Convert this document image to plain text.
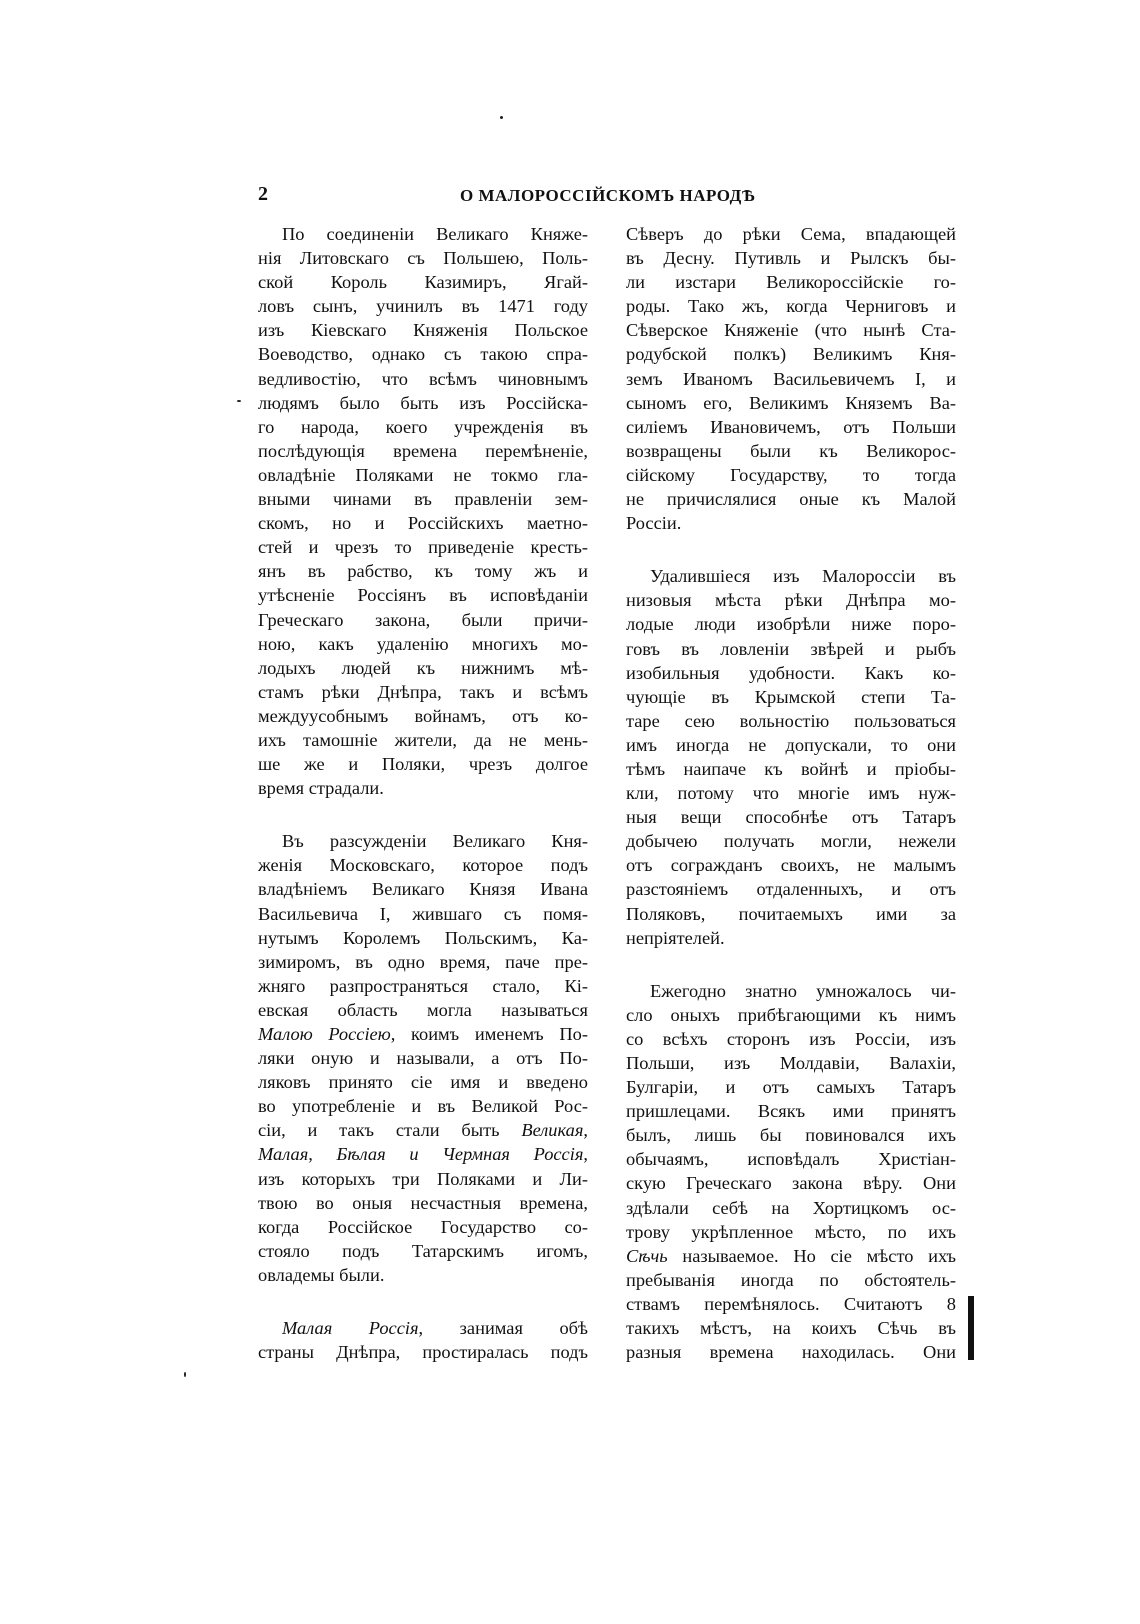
2	О МАЛОРОССІЙСКОМЪ НАРОДѢ
По соединеніи Великаго Княже-
нія Литовскаго съ Польшею, Поль-
ской Король Казимиръ, Ягай-
ловъ сынъ, учинилъ въ 1471 году
изъ Кіевскаго Княженія Польское
Воеводство, однако съ такою спра-
ведливостію, что всѣмъ чиновнымъ
людямъ было быть изъ Россійска-
го народа, коего учрежденія въ
послѣдующія времена перемѣненіе,
овладѣніе Поляками не токмо гла-
вными чинами въ правленіи зем-
скомъ, но и Россійскихъ маетно-
стей и чрезъ то приведеніе кресть-
янъ въ рабство, къ тому жъ и
утѣсненіе Россіянъ въ исповѣданіи
Греческаго закона, были причи-
ною, какъ удаленію многихъ мо-
лодыхъ людей къ нижнимъ мѣ-
стамъ рѣки Днѣпра, такъ и всѣмъ
междуусобнымъ войнамъ, отъ ко-
ихъ тамошніе жители, да не мень-
ше же и Поляки, чрезъ долгое
время страдали.
Въ разсужденіи Великаго Кня-
женія Московскаго, которое подъ
владѣніемъ Великаго Князя Ивана
Васильевича I, жившаго съ помя-
нутымъ Королемъ Польскимъ, Ка-
зимиромъ, въ одно время, паче пре-
жняго разпространяться стало, Кі-
евская область могла называться
Малою Россіею, коимъ именемъ По-
ляки оную и называли, а отъ По-
ляковъ принято сіе имя и введено
во употребленіе и въ Великой Рос-
сіи, и такъ стали быть Великая,
Малая, Бѣлая и Чермная Россія,
изъ которыхъ три Поляками и Ли-
твою во оныя несчастныя времена,
когда Россійское Государство со-
стояло подъ Татарскимъ игомъ,
овладемы были.
Малая Россія, занимая обѣ
страны Днѣпра, простиралась подъ
Сѣверъ до рѣки Сема, впадающей
въ Десну. Путивль и Рылскъ бы-
ли изстари Великороссійскіе го-
роды. Тако жъ, когда Черниговъ и
Сѣверское Княженіе (что нынѣ Ста-
родубской полкъ) Великимъ Кня-
земъ Иваномъ Васильевичемъ I, и
сыномъ его, Великимъ Княземъ Ва-
силіемъ Ивановичемъ, отъ Польши
возвращены были къ Великорос-
сійскому Государству, то тогда
не причислялися оные къ Малой
Россіи.
Удалившіеся изъ Малороссіи въ
низовыя мѣста рѣки Днѣпра мо-
лодые люди изобрѣли ниже порo-
говъ въ ловленіи звѣрей и рыбъ
изобильныя удобности. Какъ ко-
чующіе въ Крымской степи Та-
таре сею вольностію пользоваться
имъ иногда не допускали, то они
тѣмъ наипаче къ войнѣ и пріобы-
кли, потому что многіе имъ нуж-
ныя вещи способнѣе отъ Татаръ
добычею получать могли, нежели
отъ сограждaнъ своихъ, не малымъ
разстояніемъ отдаленныхъ, и отъ
Поляковъ, почитаемыхъ ими за
непріятелей.
Ежегодно знатно умножалось чи-
сло оныхъ прибѣгающими къ нимъ
со всѣхъ сторонъ изъ Россіи, изъ
Польши, изъ Молдавіи, Валахіи,
Булгаріи, и отъ самыхъ Татаръ
пришлецами. Всякъ ими принятъ
былъ, лишь бы повиновался ихъ
обычаямъ, исповѣдалъ Христіан-
скую Греческаго закона вѣру. Они
здѣлали себѣ на Хортицкомъ ос-
трову укрѣпленное мѣсто, по ихъ
Сѣчь называемое. Но сіе мѣсто ихъ
пребыванія иногда по обстоятель-
ствамъ перемѣнялось. Считаютъ 8
такихъ мѣстъ, на коихъ Сѣчь въ
разныя времена находилась. Они
